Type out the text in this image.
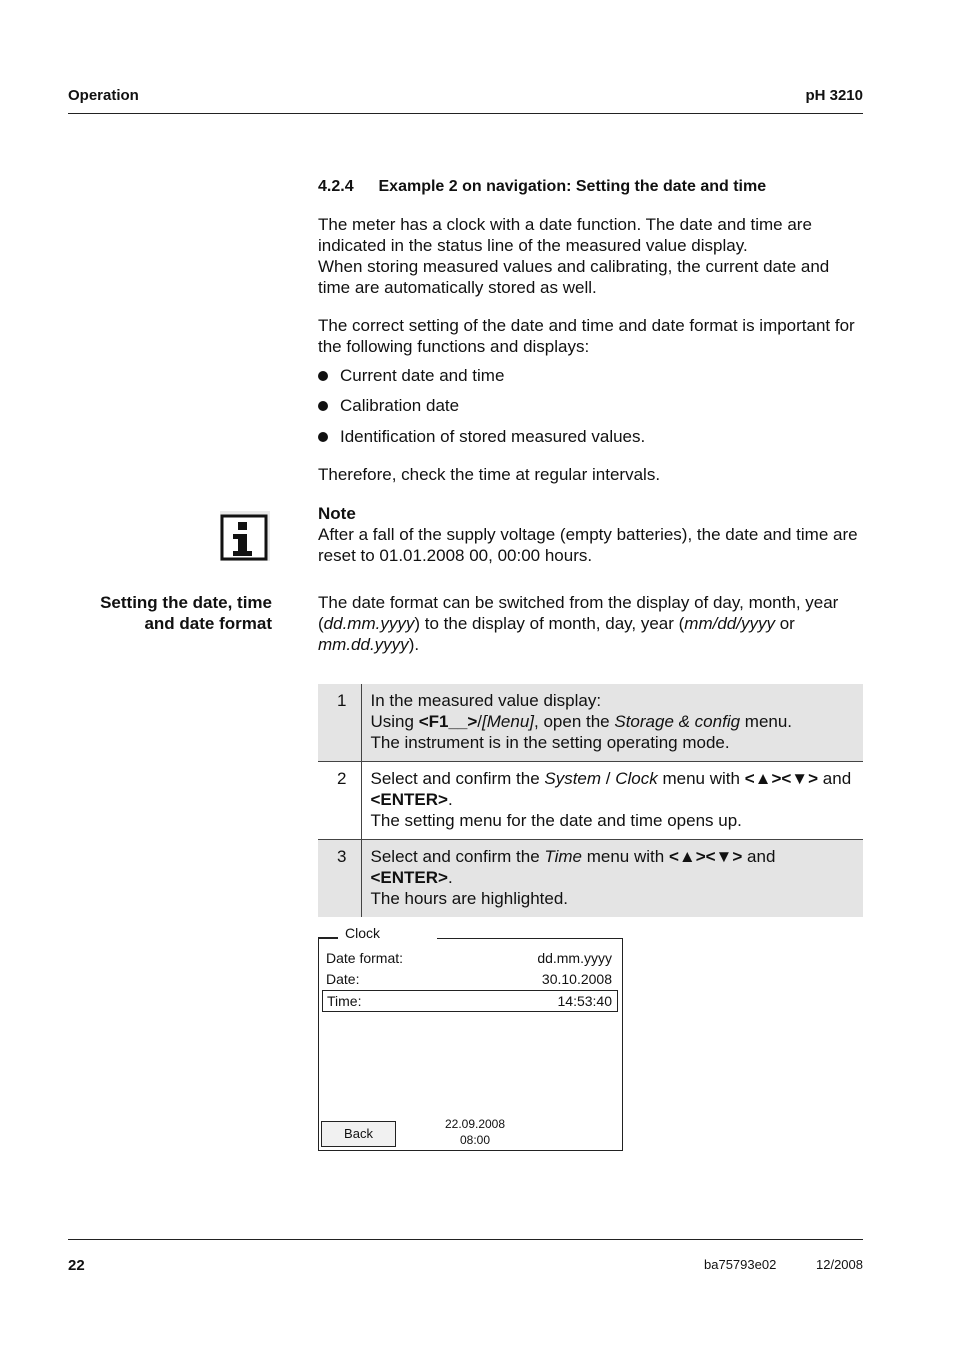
Operation	pH 3210
4.2.4 Example 2 on navigation: Setting the date and time
The meter has a clock with a date function. The date and time are
indicated in the status line of the measured value display.
When storing measured values and calibrating, the current date and
time are automatically stored as well.
The correct setting of the date and time and date format is important for
the following functions and displays:
Current date and time
Calibration date
Identification of stored measured values.
Therefore, check the time at regular intervals.
Note
After a fall of the supply voltage (empty batteries), the date and time are
reset to 01.01.2008 00, 00:00 hours.
Setting the date, time
and date format
The date format can be switched from the display of day, month, year
(dd.mm.yyyy) to the display of month, day, year (mm/dd/yyyy or
mm.dd.yyyy).
1	In the measured value display:
Using <F1__>/[Menu], open the Storage & config menu.
The instrument is in the setting operating mode.

2	Select and confirm the System / Clock menu with <▲><▼> and
<ENTER>.
The setting menu for the date and time opens up.

3	Select and confirm the Time menu with <▲><▼> and
<ENTER>.
The hours are highlighted.
Clock
Date format:	dd.mm.yyyy
Date:	30.10.2008
Time:	14:53:40
Back
22.09.2008
08:00
22	ba75793e02	12/2008
